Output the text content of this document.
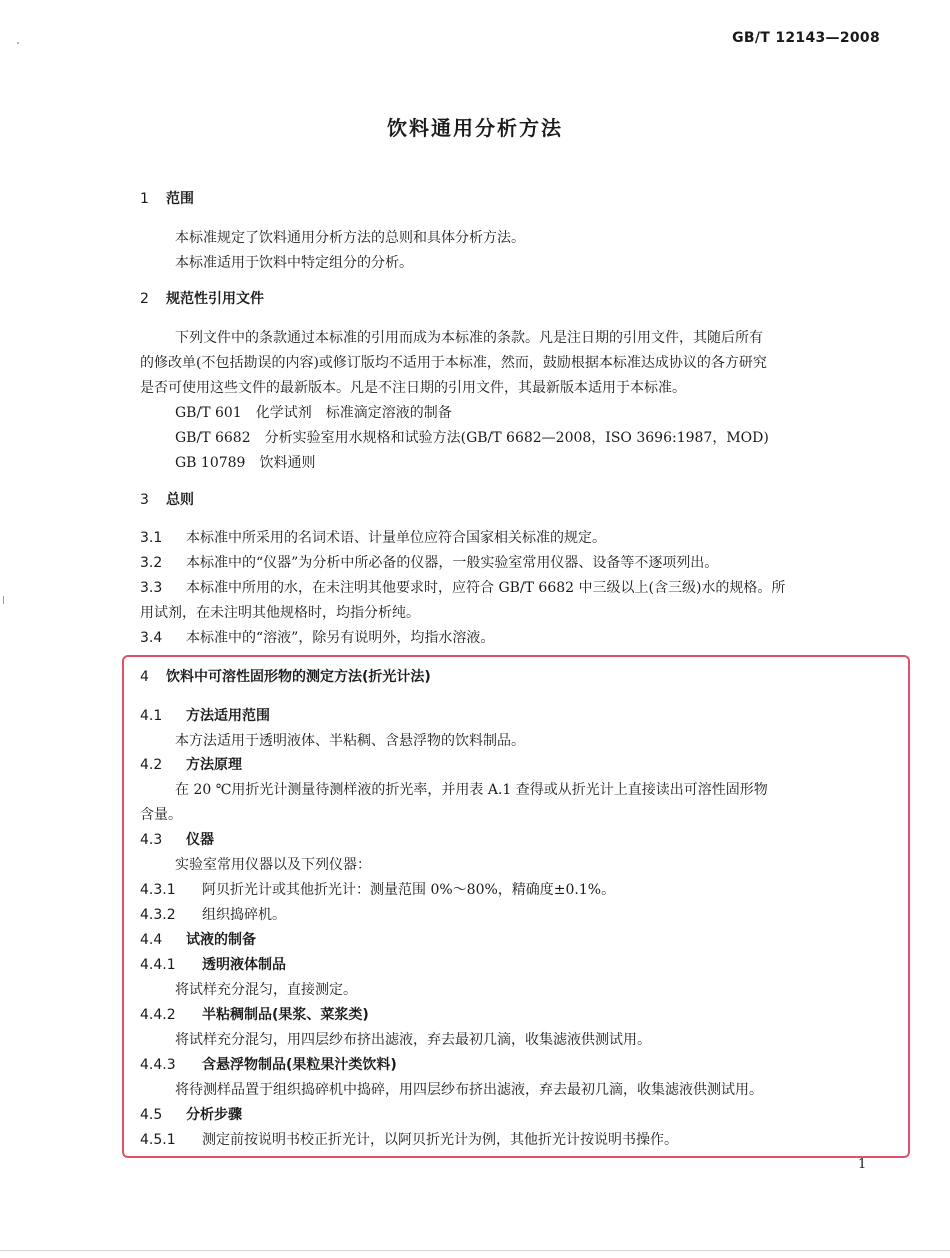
GB/T 12143—2008
饮料通用分析方法
1 范围
本标准规定了饮料通用分析方法的总则和具体分析方法。
本标准适用于饮料中特定组分的分析。
2 规范性引用文件
下列文件中的条款通过本标准的引用而成为本标准的条款。凡是注日期的引用文件，其随后所有
的修改单(不包括勘误的内容)或修订版均不适用于本标准，然而，鼓励根据本标准达成协议的各方研究
是否可使用这些文件的最新版本。凡是不注日期的引用文件，其最新版本适用于本标准。
GB/T 601　化学试剂　标准滴定溶液的制备
GB/T 6682　分析实验室用水规格和试验方法(GB/T 6682—2008，ISO 3696:1987，MOD)
GB 10789　饮料通则
3 总则
3.1 本标准中所采用的名词术语、计量单位应符合国家相关标准的规定。
3.2 本标准中的“仪器”为分析中所必备的仪器，一般实验室常用仪器、设备等不逐项列出。
3.3 本标准中所用的水，在未注明其他要求时，应符合 GB/T 6682 中三级以上(含三级)水的规格。所
用试剂，在未注明其他规格时，均指分析纯。
3.4 本标准中的“溶液”，除另有说明外，均指水溶液。
4 饮料中可溶性固形物的测定方法(折光计法)
4.1 方法适用范围
本方法适用于透明液体、半粘稠、含悬浮物的饮料制品。
4.2 方法原理
在 20 ℃用折光计测量待测样液的折光率，并用表 A.1 查得或从折光计上直接读出可溶性固形物
含量。
4.3 仪器
实验室常用仪器以及下列仪器：
4.3.1 阿贝折光计或其他折光计：测量范围 0%～80%，精确度±0.1%。
4.3.2 组织捣碎机。
4.4 试液的制备
4.4.1 透明液体制品
将试样充分混匀，直接测定。
4.4.2 半粘稠制品(果浆、菜浆类)
将试样充分混匀，用四层纱布挤出滤液，弃去最初几滴，收集滤液供测试用。
4.4.3 含悬浮物制品(果粒果汁类饮料)
将待测样品置于组织捣碎机中捣碎，用四层纱布挤出滤液，弃去最初几滴，收集滤液供测试用。
4.5 分析步骤
4.5.1 测定前按说明书校正折光计，以阿贝折光计为例，其他折光计按说明书操作。
1
